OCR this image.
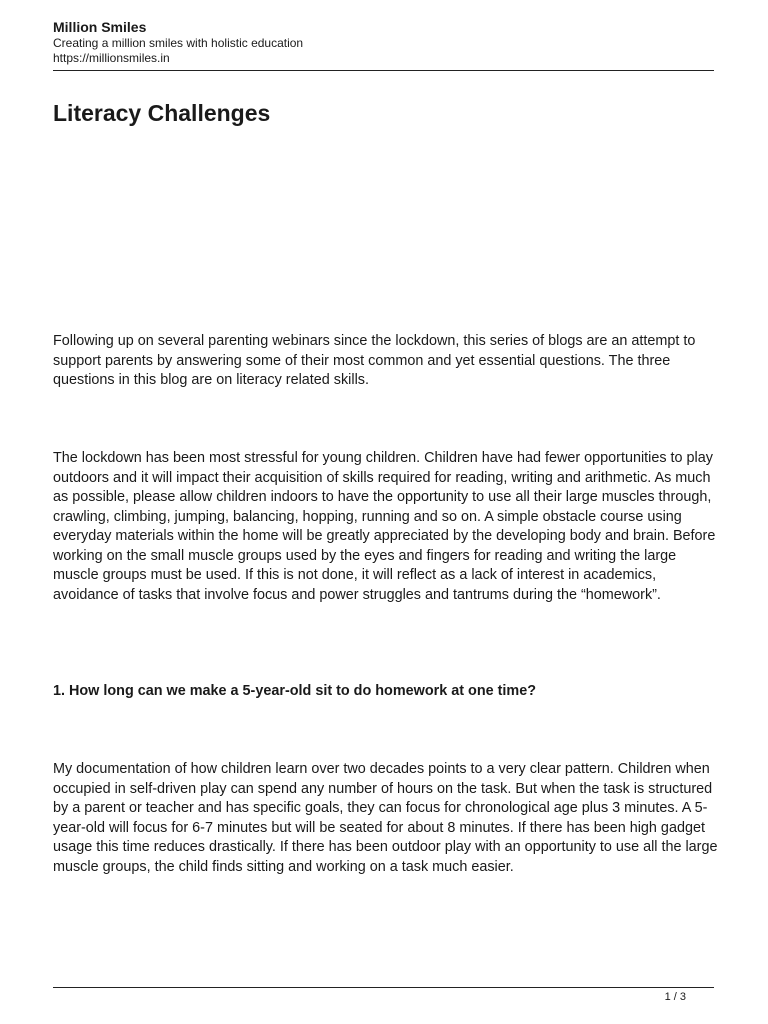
Million Smiles
Creating a million smiles with holistic education
https://millionsmiles.in
Literacy Challenges

Following up on several parenting webinars since the lockdown, this series of blogs are an attempt to support parents by answering some of their most common and yet essential questions. The three questions in this blog are on literacy related skills.

The lockdown has been most stressful for young children. Children have had fewer opportunities to play outdoors and it will impact their acquisition of skills required for reading, writing and arithmetic. As much as possible, please allow children indoors to have the opportunity to use all their large muscles through, crawling, climbing, jumping, balancing, hopping, running and so on. A simple obstacle course using everyday materials within the home will be greatly appreciated by the developing body and brain. Before working on the small muscle groups used by the eyes and fingers for reading and writing the large muscle groups must be used. If this is not done, it will reflect as a lack of interest in academics, avoidance of tasks that involve focus and power struggles and tantrums during the “homework”.

1. How long can we make a 5-year-old sit to do homework at one time?

My documentation of how children learn over two decades points to a very clear pattern. Children when occupied in self-driven play can spend any number of hours on the task. But when the task is structured by a parent or teacher and has specific goals, they can focus for chronological age plus 3 minutes. A 5- year-old will focus for 6-7 minutes but will be seated for about 8 minutes. If there has been high gadget usage this time reduces drastically. If there has been outdoor play with an opportunity to use all the large muscle groups, the child finds sitting and working on a task much easier.

1 / 3
